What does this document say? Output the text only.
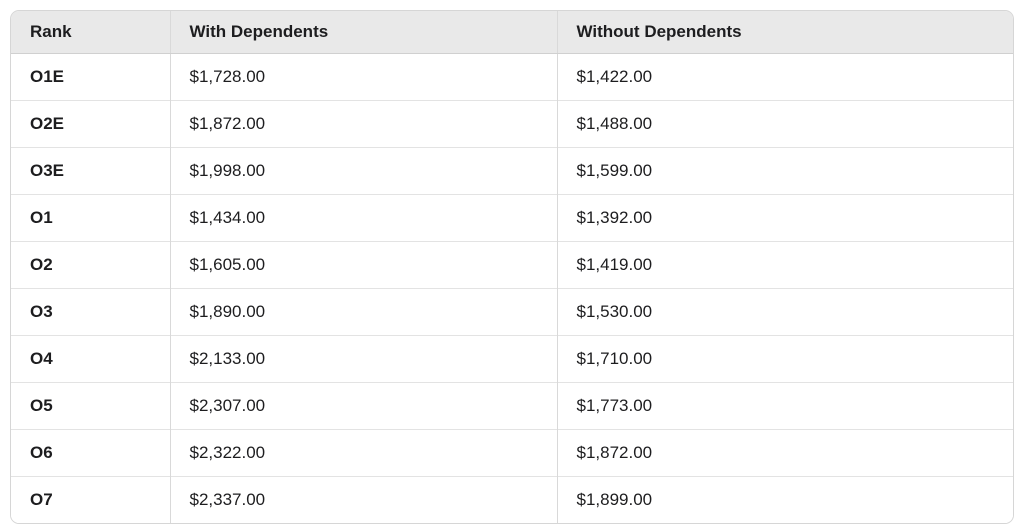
Rank	With Dependents	Without Dependents
O1E	$1,728.00	$1,422.00
O2E	$1,872.00	$1,488.00
O3E	$1,998.00	$1,599.00
O1	$1,434.00	$1,392.00
O2	$1,605.00	$1,419.00
O3	$1,890.00	$1,530.00
O4	$2,133.00	$1,710.00
O5	$2,307.00	$1,773.00
O6	$2,322.00	$1,872.00
O7	$2,337.00	$1,899.00
